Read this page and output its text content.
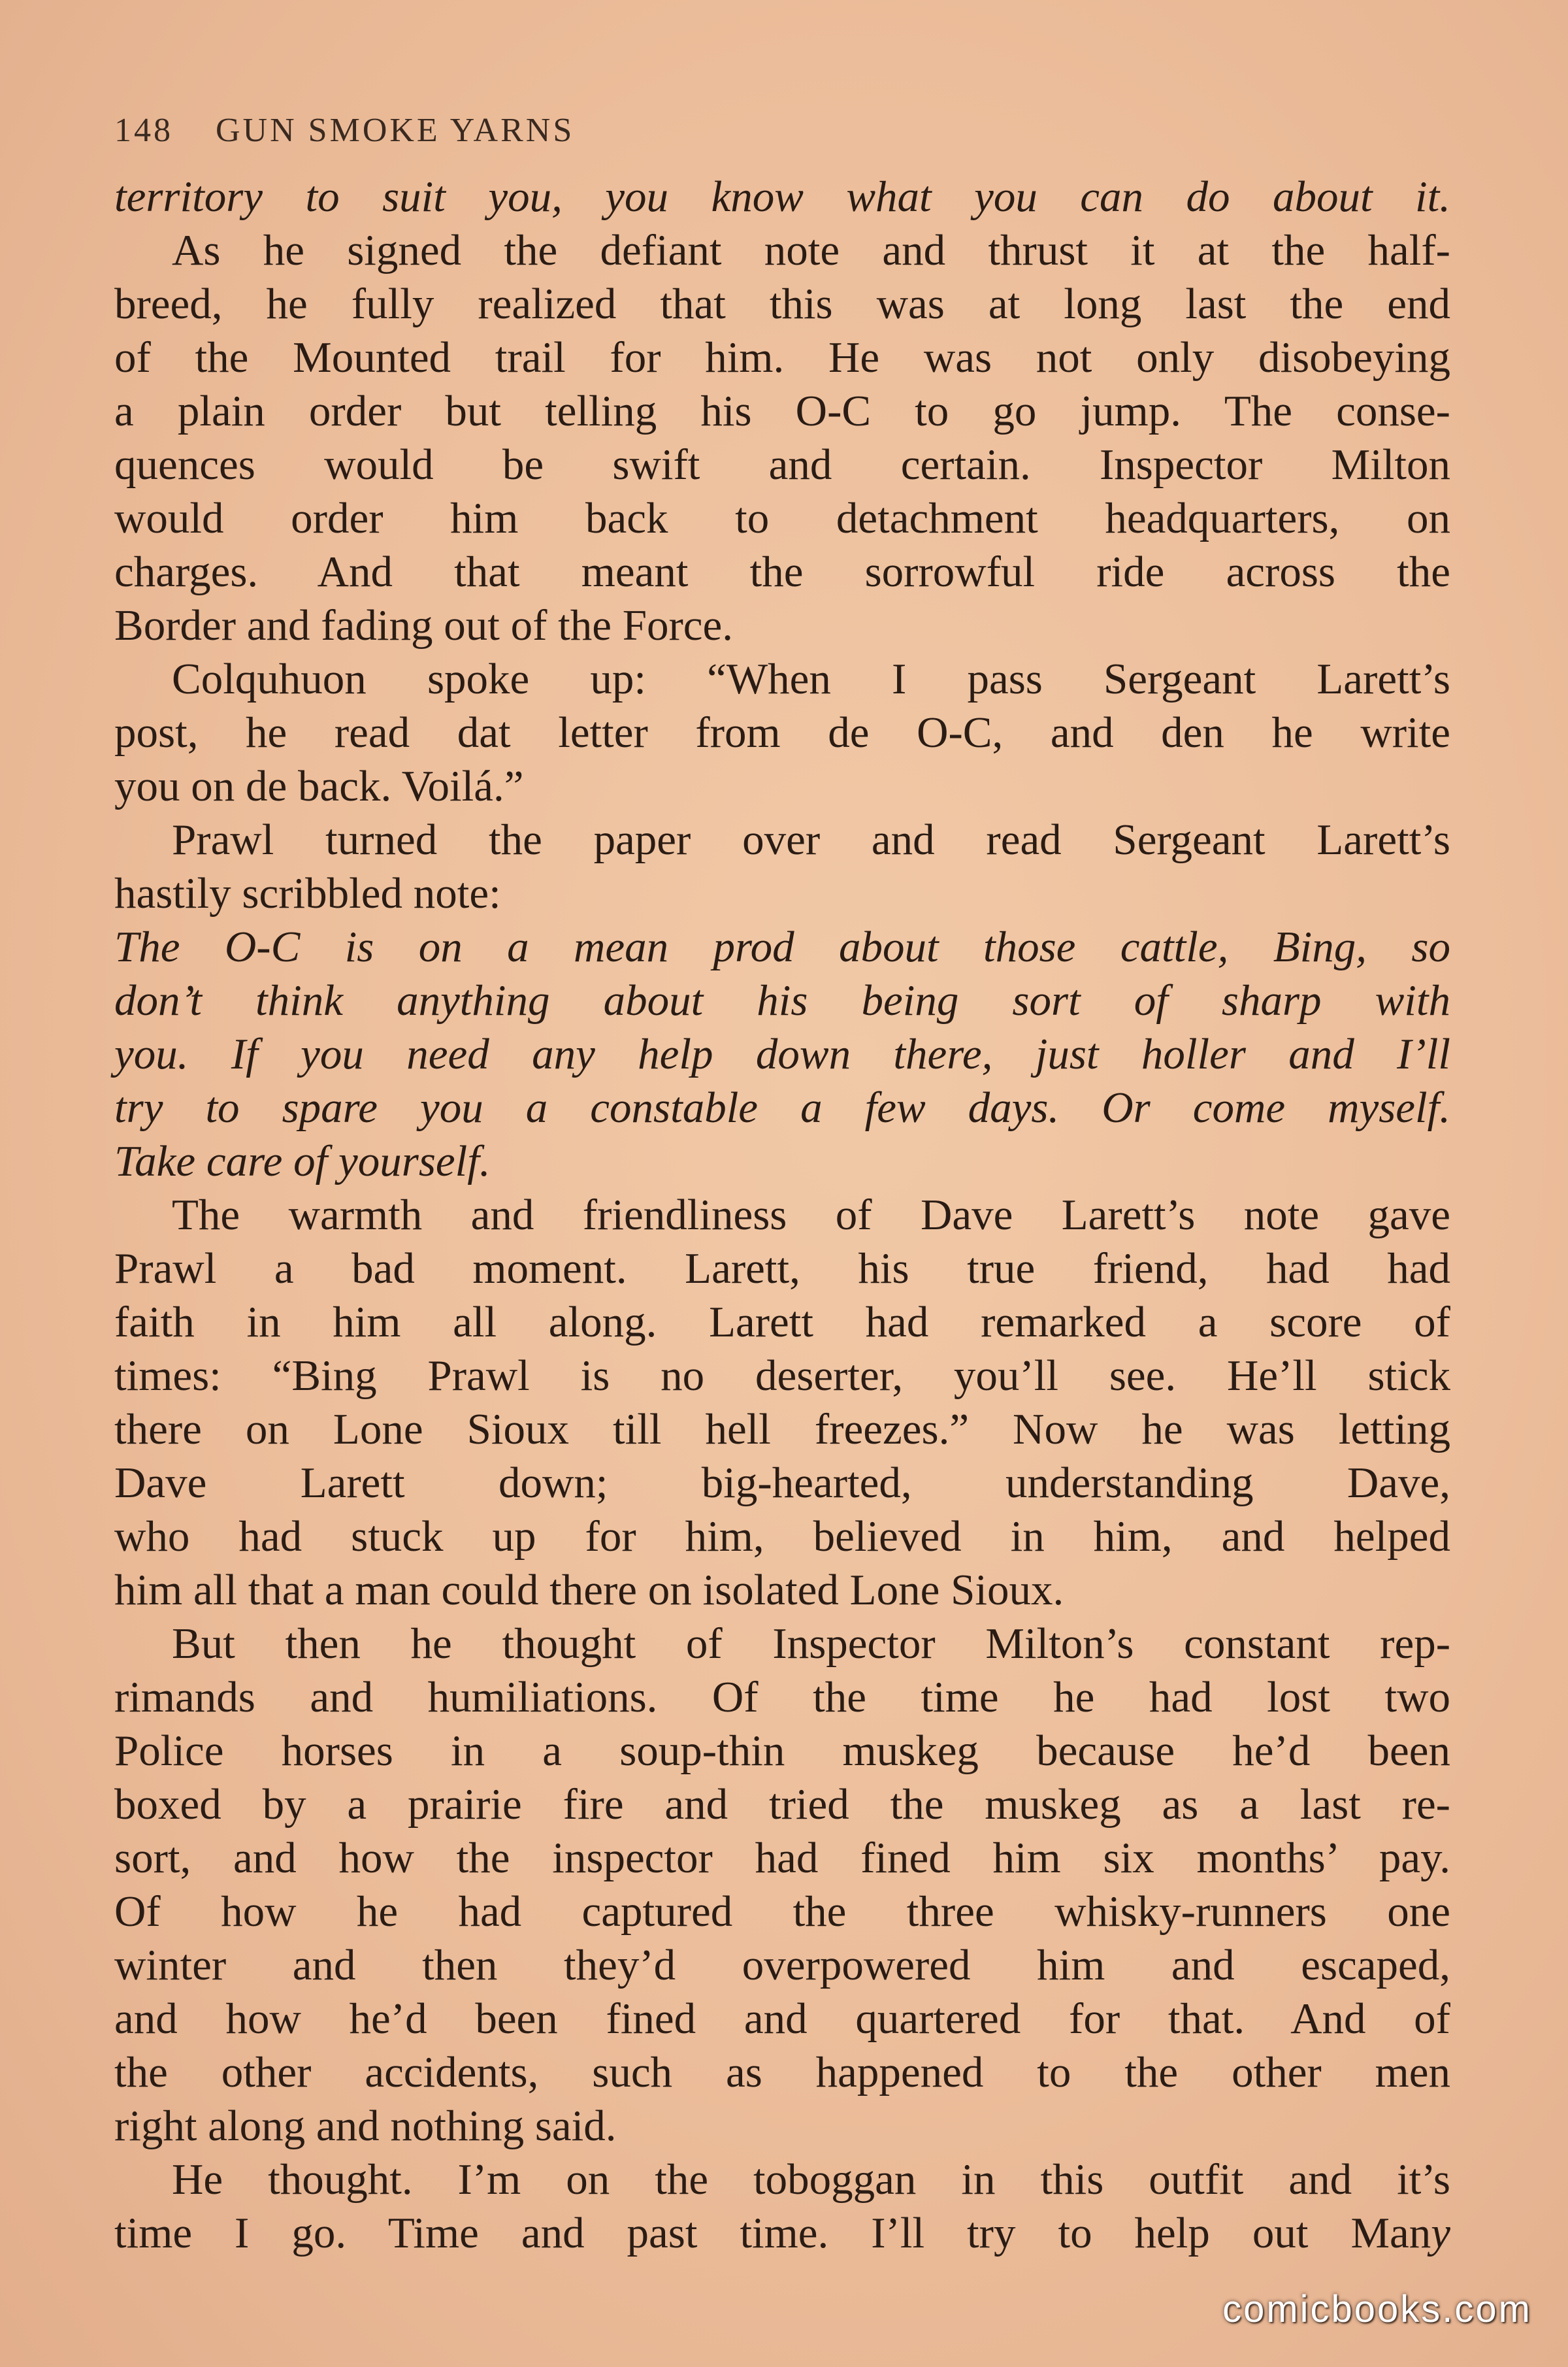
148 GUN SMOKE YARNS
territory to suit you, you know what you can do about it.
As he signed the defiant note and thrust it at the half-
breed, he fully realized that this was at long last the end
of the Mounted trail for him. He was not only disobeying
a plain order but telling his O-C to go jump. The conse-
quences would be swift and certain. Inspector Milton
would order him back to detachment headquarters, on
charges. And that meant the sorrowful ride across the
Border and fading out of the Force.
Colquhuon spoke up: “When I pass Sergeant Larett’s
post, he read dat letter from de O-C, and den he write
you on de back. Voilá.”
Prawl turned the paper over and read Sergeant Larett’s
hastily scribbled note:
The O-C is on a mean prod about those cattle, Bing, so
don’t think anything about his being sort of sharp with
you. If you need any help down there, just holler and I’ll
try to spare you a constable a few days. Or come myself.
Take care of yourself.
The warmth and friendliness of Dave Larett’s note gave
Prawl a bad moment. Larett, his true friend, had had
faith in him all along. Larett had remarked a score of
times: “Bing Prawl is no deserter, you’ll see. He’ll stick
there on Lone Sioux till hell freezes.” Now he was letting
Dave Larett down; big-hearted, understanding Dave,
who had stuck up for him, believed in him, and helped
him all that a man could there on isolated Lone Sioux.
But then he thought of Inspector Milton’s constant rep-
rimands and humiliations. Of the time he had lost two
Police horses in a soup-thin muskeg because he’d been
boxed by a prairie fire and tried the muskeg as a last re-
sort, and how the inspector had fined him six months’ pay.
Of how he had captured the three whisky-runners one
winter and then they’d overpowered him and escaped,
and how he’d been fined and quartered for that. And of
the other accidents, such as happened to the other men
right along and nothing said.
He thought. I’m on the toboggan in this outfit and it’s
time I go. Time and past time. I’ll try to help out Many
comicbooks.com
